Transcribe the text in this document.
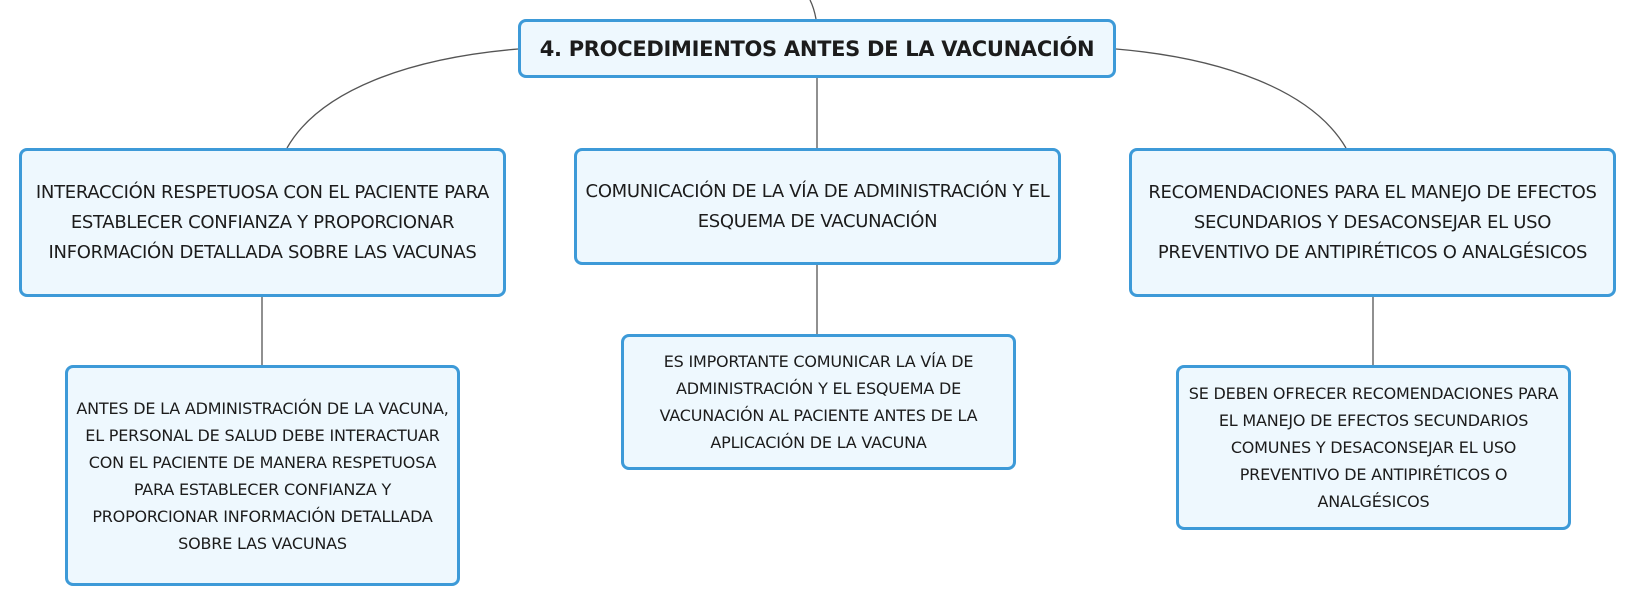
4. PROCEDIMIENTOS ANTES DE LA VACUNACIÓN
INTERACCIÓN RESPETUOSA CON EL PACIENTE PARA ESTABLECER CONFIANZA Y PROPORCIONAR INFORMACIÓN DETALLADA SOBRE LAS VACUNAS
COMUNICACIÓN DE LA VÍA DE ADMINISTRACIÓN Y EL ESQUEMA DE VACUNACIÓN
RECOMENDACIONES PARA EL MANEJO DE EFECTOS SECUNDARIOS Y DESACONSEJAR EL USO PREVENTIVO DE ANTIPIRÉTICOS O ANALGÉSICOS
ANTES DE LA ADMINISTRACIÓN DE LA VACUNA, EL PERSONAL DE SALUD DEBE INTERACTUAR CON EL PACIENTE DE MANERA RESPETUOSA PARA ESTABLECER CONFIANZA Y PROPORCIONAR INFORMACIÓN DETALLADA SOBRE LAS VACUNAS
ES IMPORTANTE COMUNICAR LA VÍA DE ADMINISTRACIÓN Y EL ESQUEMA DE VACUNACIÓN AL PACIENTE ANTES DE LA APLICACIÓN DE LA VACUNA
SE DEBEN OFRECER RECOMENDACIONES PARA EL MANEJO DE EFECTOS SECUNDARIOS COMUNES Y DESACONSEJAR EL USO PREVENTIVO DE ANTIPIRÉTICOS O ANALGÉSICOS
